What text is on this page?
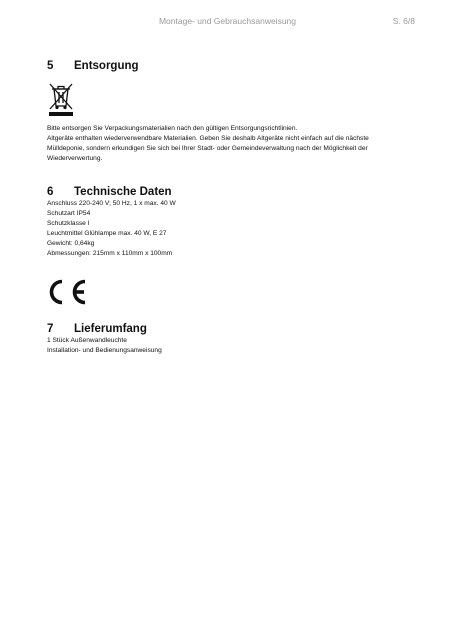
Montage- und Gebrauchsanweisung	S. 6/8
5 Entsorgung
Bitte entsorgen Sie Verpackungsmaterialien nach den gültigen Entsorgungsrichtlinien.
Altgeräte enthalten wiederverwendbare Materialien. Geben Sie deshalb Altgeräte nicht einfach auf die nächste
Mülldeponie, sondern erkundigen Sie sich bei Ihrer Stadt- oder Gemeindeverwaltung nach der Möglichkeit der
Wiederverwertung.
6 Technische Daten
Anschluss 220-240 V; 50 Hz, 1 x max. 40 W
Schutzart IP54
Schutzklasse I
Leuchtmittel Glühlampe max. 40 W, E 27
Gewicht: 0,64kg
Abmessungen: 215mm x 110mm x 100mm
7 Lieferumfang
1 Stück Außenwandleuchte
Installation- und Bedienungsanweisung
